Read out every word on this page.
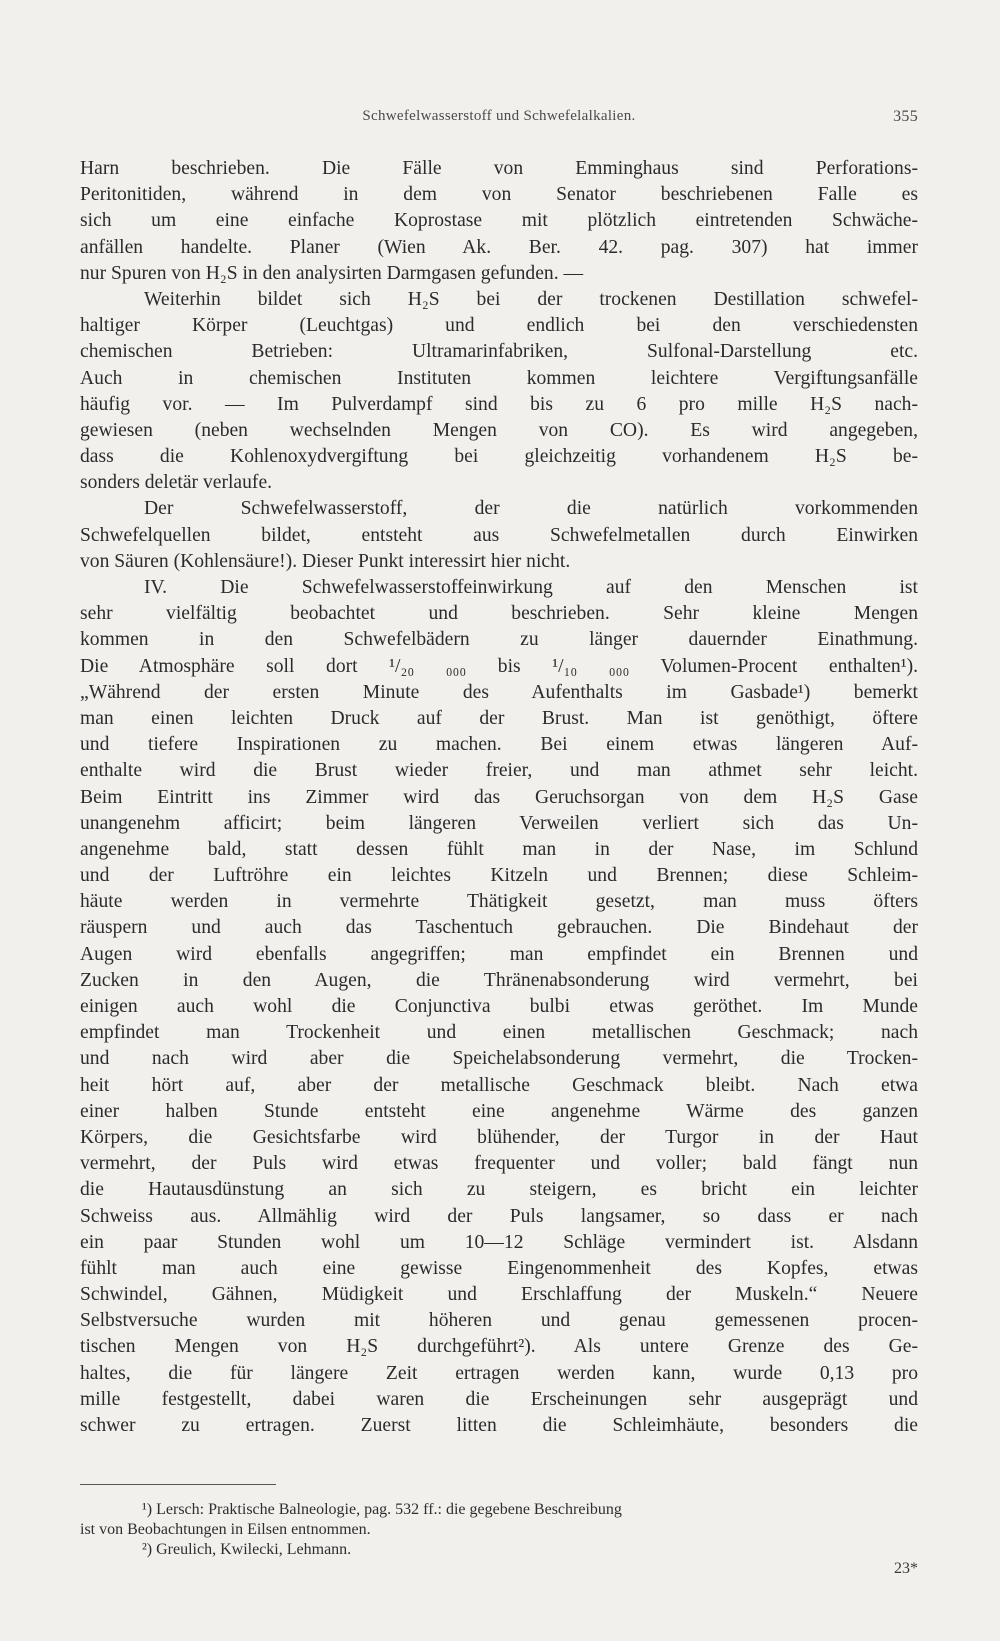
Schwefelwasserstoff und Schwefelalkalien.	355
Harn beschrieben. Die Fälle von Emminghaus sind Perforations-
Peritonitiden, während in dem von Senator beschriebenen Falle es
sich um eine einfache Koprostase mit plötzlich eintretenden Schwäche-
anfällen handelte. Planer (Wien Ak. Ber. 42. pag. 307) hat immer
nur Spuren von H₂S in den analysirten Darmgasen gefunden. —
Weiterhin bildet sich H₂S bei der trockenen Destillation schwefel-
haltiger Körper (Leuchtgas) und endlich bei den verschiedensten
chemischen Betrieben: Ultramarinfabriken, Sulfonal-Darstellung etc.
Auch in chemischen Instituten kommen leichtere Vergiftungsanfälle
häufig vor. — Im Pulverdampf sind bis zu 6 pro mille H₂S nach-
gewiesen (neben wechselnden Mengen von CO). Es wird angegeben,
dass die Kohlenoxydvergiftung bei gleichzeitig vorhandenem H₂S be-
sonders deletär verlaufe.
Der Schwefelwasserstoff, der die natürlich vorkommenden
Schwefelquellen bildet, entsteht aus Schwefelmetallen durch Einwirken
von Säuren (Kohlensäure!). Dieser Punkt interessirt hier nicht.
IV. Die Schwefelwasserstoffeinwirkung auf den Menschen ist
sehr vielfältig beobachtet und beschrieben. Sehr kleine Mengen
kommen in den Schwefelbädern zu länger dauernder Einathmung.
Die Atmosphäre soll dort ¹/₂₀ ₀₀₀ bis ¹/₁₀ ₀₀₀ Volumen-Procent enthalten¹).
„Während der ersten Minute des Aufenthalts im Gasbade¹) bemerkt
man einen leichten Druck auf der Brust. Man ist genöthigt, öftere
und tiefere Inspirationen zu machen. Bei einem etwas längeren Auf-
enthalte wird die Brust wieder freier, und man athmet sehr leicht.
Beim Eintritt ins Zimmer wird das Geruchsorgan von dem H₂S Gase
unangenehm afficirt; beim längeren Verweilen verliert sich das Un-
angenehme bald, statt dessen fühlt man in der Nase, im Schlund
und der Luftröhre ein leichtes Kitzeln und Brennen; diese Schleim-
häute werden in vermehrte Thätigkeit gesetzt, man muss öfters
räuspern und auch das Taschentuch gebrauchen. Die Bindehaut der
Augen wird ebenfalls angegriffen; man empfindet ein Brennen und
Zucken in den Augen, die Thränenabsonderung wird vermehrt, bei
einigen auch wohl die Conjunctiva bulbi etwas geröthet. Im Munde
empfindet man Trockenheit und einen metallischen Geschmack; nach
und nach wird aber die Speichelabsonderung vermehrt, die Trocken-
heit hört auf, aber der metallische Geschmack bleibt. Nach etwa
einer halben Stunde entsteht eine angenehme Wärme des ganzen
Körpers, die Gesichtsfarbe wird blühender, der Turgor in der Haut
vermehrt, der Puls wird etwas frequenter und voller; bald fängt nun
die Hautausdünstung an sich zu steigern, es bricht ein leichter
Schweiss aus. Allmählig wird der Puls langsamer, so dass er nach
ein paar Stunden wohl um 10—12 Schläge vermindert ist. Alsdann
fühlt man auch eine gewisse Eingenommenheit des Kopfes, etwas
Schwindel, Gähnen, Müdigkeit und Erschlaffung der Muskeln.“ Neuere
Selbstversuche wurden mit höheren und genau gemessenen procen-
tischen Mengen von H₂S durchgeführt²). Als untere Grenze des Ge-
haltes, die für längere Zeit ertragen werden kann, wurde 0,13 pro
mille festgestellt, dabei waren die Erscheinungen sehr ausgeprägt und
schwer zu ertragen. Zuerst litten die Schleimhäute, besonders die
¹) Lersch: Praktische Balneologie, pag. 532 ff.: die gegebene Beschreibung
ist von Beobachtungen in Eilsen entnommen.
²) Greulich, Kwilecki, Lehmann.
23*
